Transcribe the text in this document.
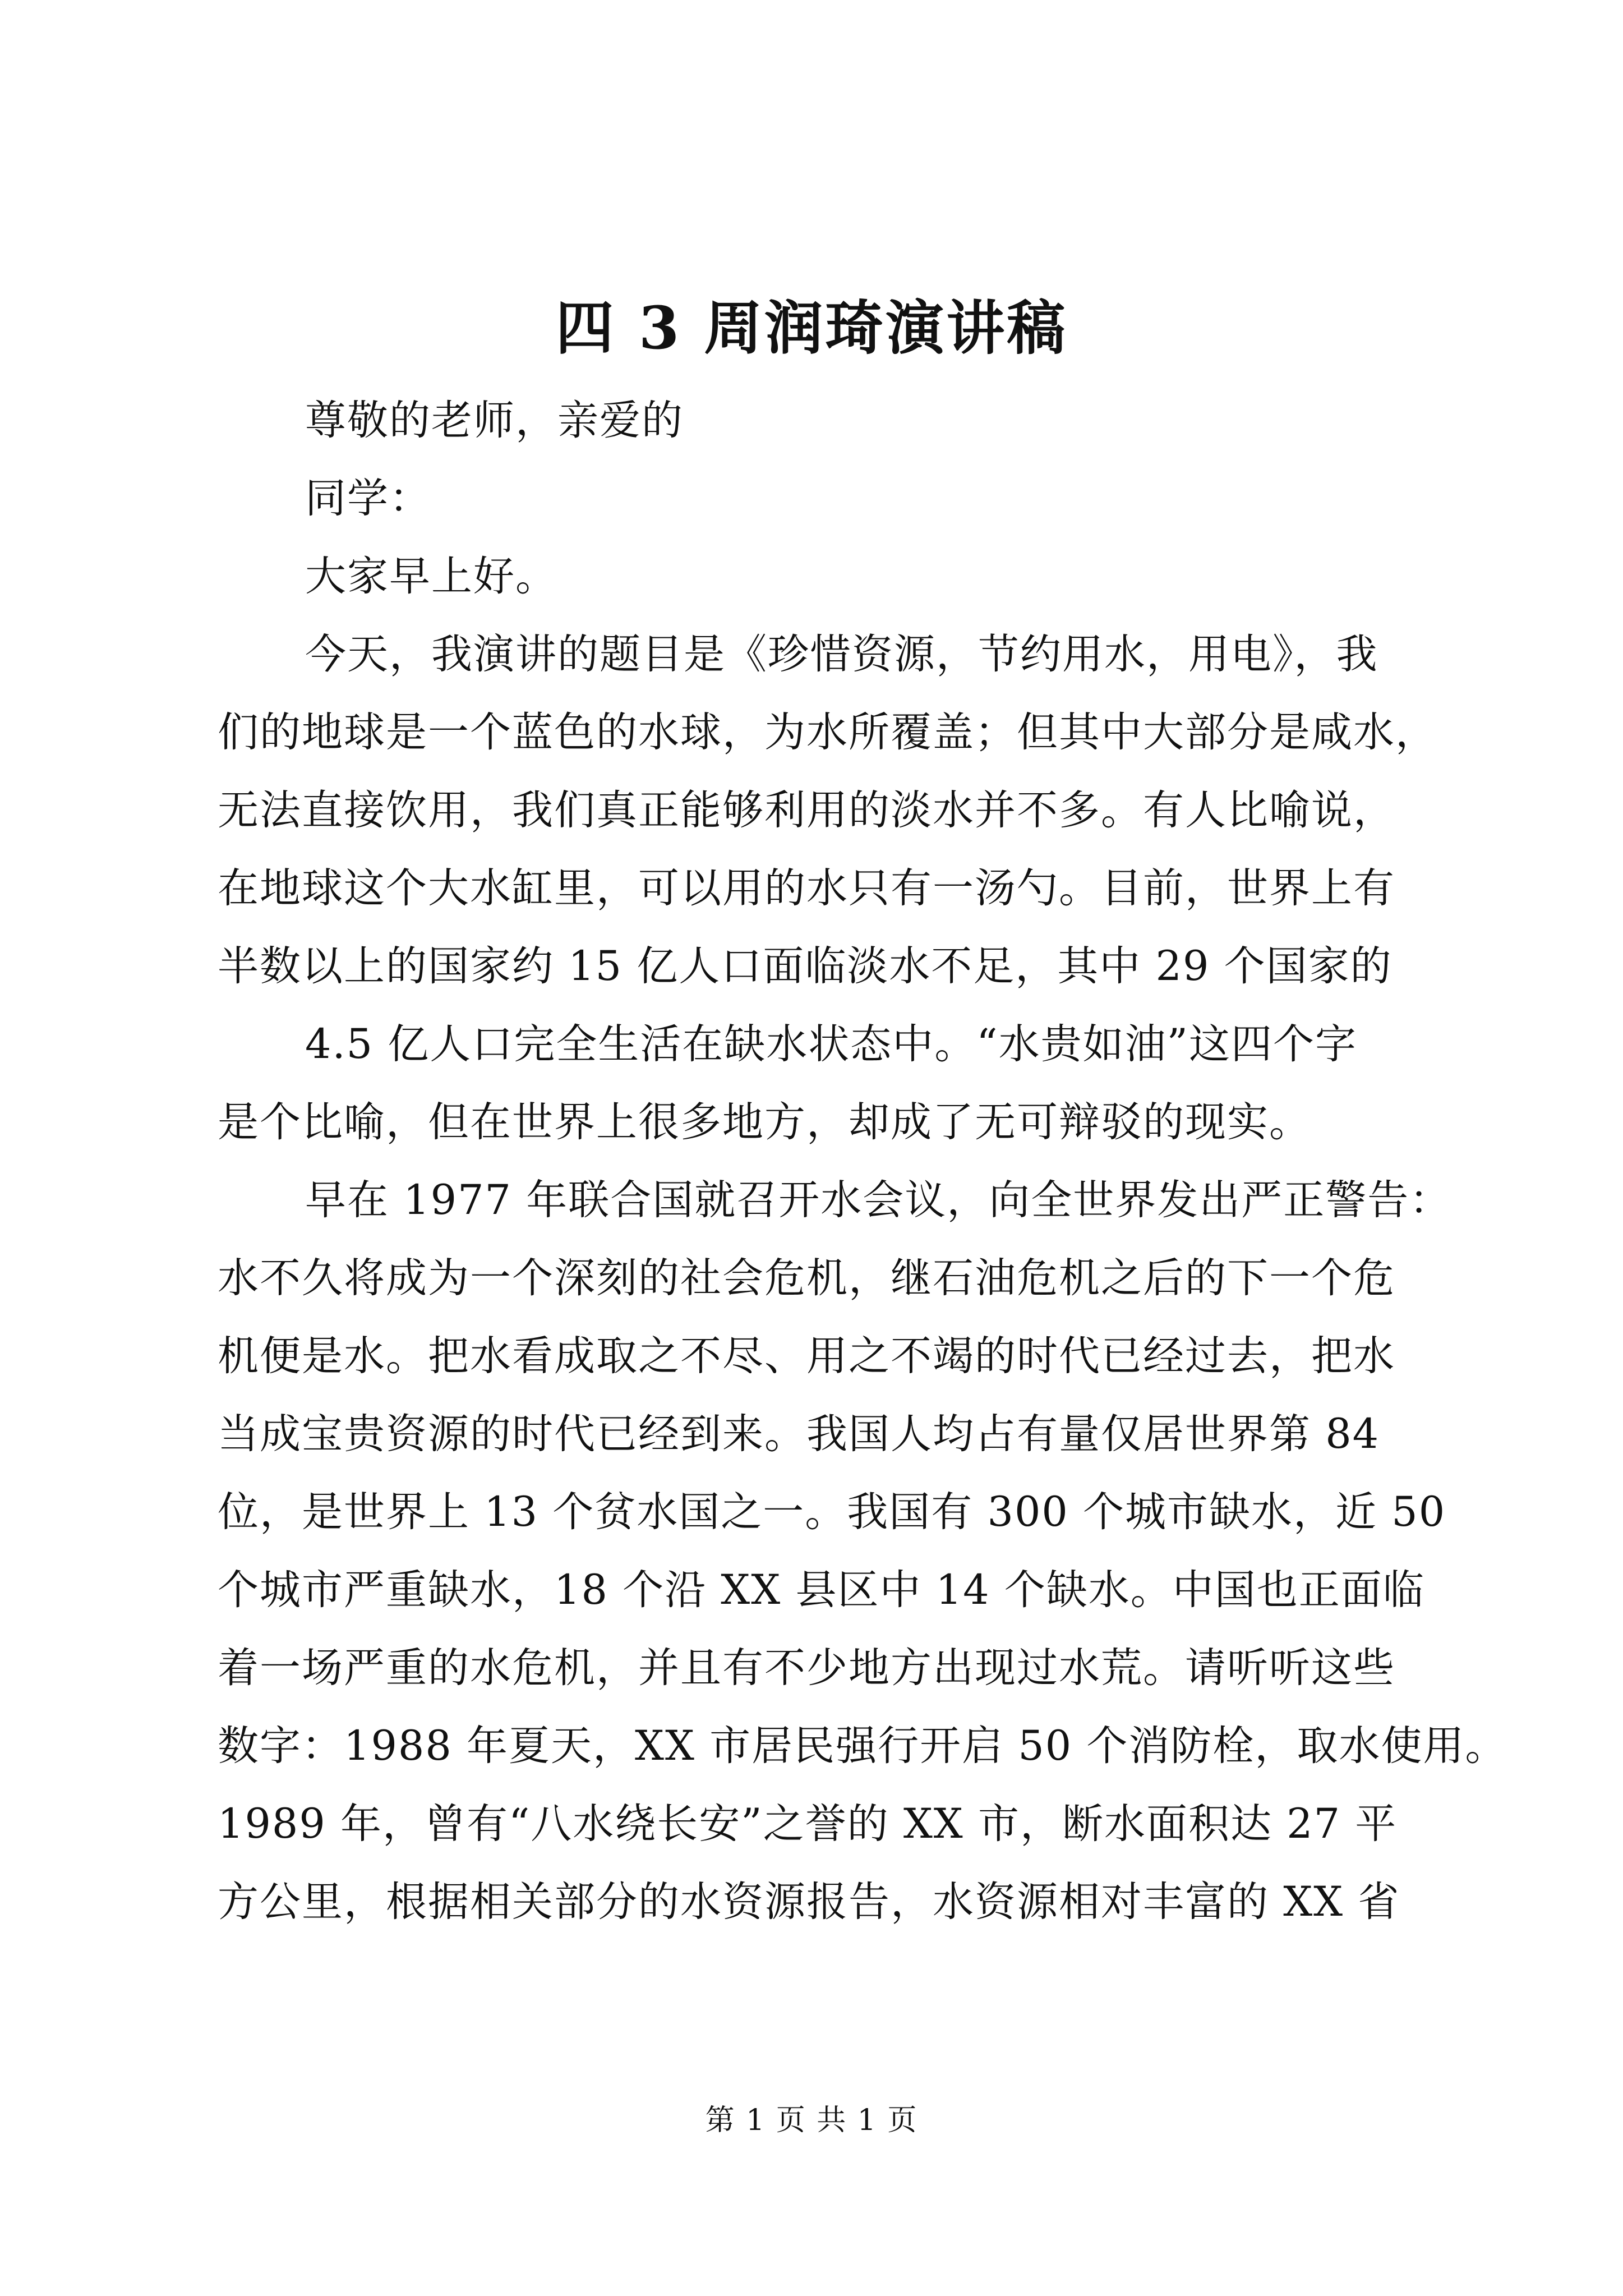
四 3 周润琦演讲稿
尊敬的老师，亲爱的
同学：
大家早上好。
今天，我演讲的题目是《珍惜资源，节约用水，用电》，我
们的地球是一个蓝色的水球，为水所覆盖；但其中大部分是咸水，
无法直接饮用，我们真正能够利用的淡水并不多。有人比喻说，
在地球这个大水缸里，可以用的水只有一汤勺。目前，世界上有
半数以上的国家约 15 亿人口面临淡水不足，其中 29 个国家的
4.5 亿人口完全生活在缺水状态中。“水贵如油”这四个字
是个比喻，但在世界上很多地方，却成了无可辩驳的现实。
早在 1977 年联合国就召开水会议，向全世界发出严正警告：
水不久将成为一个深刻的社会危机，继石油危机之后的下一个危
机便是水。把水看成取之不尽、用之不竭的时代已经过去，把水
当成宝贵资源的时代已经到来。我国人均占有量仅居世界第 84
位，是世界上 13 个贫水国之一。我国有 300 个城市缺水，近 50
个城市严重缺水，18 个沿 XX 县区中 14 个缺水。中国也正面临
着一场严重的水危机，并且有不少地方出现过水荒。请听听这些
数字：1988 年夏天，XX 市居民强行开启 50 个消防栓，取水使用。
1989 年，曾有“八水绕长安”之誉的 XX 市，断水面积达 27 平
方公里，根据相关部分的水资源报告，水资源相对丰富的 XX 省
第 1 页 共 1 页
